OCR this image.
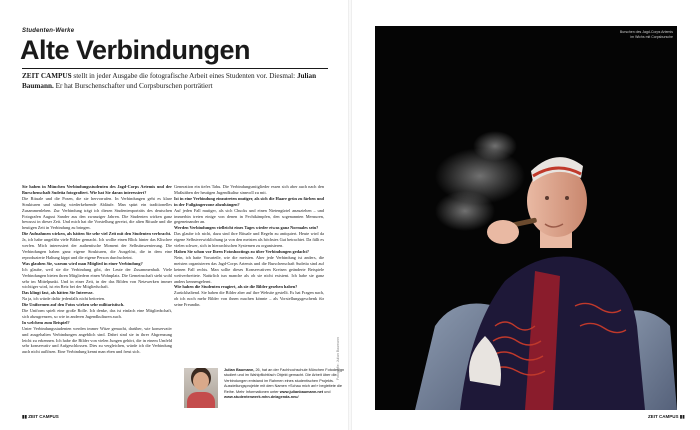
Studenten-Werke
Alte Verbindungen
ZEIT CAMPUS stellt in jeder Ausgabe die fotografische Arbeit eines Studenten vor. Diesmal: Julian Baumann. Er hat Burschenschafter und Corpsburschen porträtiert

Sie haben in München Verbindungsstudenten des Jagd-Corps Artemis und der Burschenschaft Sudetia fotografiert. Wie hat Sie daran interessiert?

Die Rituale und die Posen, die sie hervorrufen. In Verbindungen geht es klare Strukturen und ständig wiederkehrende Abläufe. Man spürt ein traditionelles Zusammenleben. Zur Verbindung trägt ich diesen Studentenporträts des deutschen Fotografen August Sander aus den zwanziger Jahren. Die Studenten wirken ganz bewusst in dieser Zeit. Und mich hat die Vorstellung gereizt, die alten Rituale und die heutigen Zeit in Verbindung zu bringen.

Die Aufnahmen wirken, als hätten Sie sehr viel Zeit mit den Studenten verbracht.

Ja, ich habe ungefähr viele Bilder gemacht. Ich wollte einen Blick hinter das Klischee werfen. Mich interessiert der authentische Moment der Selbstinszenierung. Die Verbindungen haben ganz eigene Strukturen, die Ausgelöst, die in dem eine reproduzierte Haltung kippt und die eigene Person durchscheint.

Was glauben Sie, warum wird man Mitglied in einer Verbindung?

Ich glaube, weil sie die Verbindung gibt, der Leute der Zusammenhalt. Viele Verbindungen bieten ihren Mitgliedern einen Wohnplatz. Die Gemeinschaft steht wohl sehr im Mittelpunkt. Und in einer Zeit, in der das Bilden von Netzwerken immer wichtiger wird, ist ein Reiz bei der Mitgliedschaft.

Das klingt fast, als hätten Sie Interesse.

Na ja, ich würde dafür jedenfalls nicht beitreten.

Die Uniformen auf den Fotos wirken sehr militaristisch.

Die Uniform spielt eine große Rolle. Ich denke, das ist einfach eine Mitgliedschaft, sich abzugrenzen, so wie in anderen Jugendkulturen auch.

In welchem zum Beispiel?

Unter Verbindungsstudenten werden immer Witze gemacht, darüber, wie konservativ und ausgehalten Verbindungen angeblich sind. Dabei sind sie in ihrer Abgrenzung leicht zu erkennen. Ich habe die Bilder von vielen Jungen gehört, die in einem Umfeld sehr konservativ und Aufgeschlossen. Dies zu vergleichen, würde ich die Verbindung auch nicht auflösen. Eine Verbindung kennt man eben und freut sich.

Generation ein tiefes Tabu. Die Verbindungsmitglieder essen sich aber auch nach den Maßstäben der heutigen Jugendkultur sinnvoll zu mit.

Ist in eine Verbindung einzutreten mutiger, als sich die Haare grün zu färben und in der Fußgängerzone abzuhängen?

Auf jeden Fall mutiger, als sich Chucks und einen Nietengürtel anzuziehen – und immerhin treten einige von denen in Fechtkämpfen, den sogenannten Mensuren, gegeneinander an.

Werden Verbindungen vielleicht eines Tages wieder etwas ganz Normales sein?

Das glaube ich nicht, dazu sind ihre Rituale und Regeln zu antiquiert. Heute wird da eigene Selbstverwirklichung ja von den meisten als höchstes Gut betrachtet. Da fällt es vielen schwer, sich in hierarchischen Systemen zu organisieren.

Haben Sie schon vor Ihren Fotoshootings zu über Verbindungen gedacht?

Nein, ich hatte Vorurteile, wie die meisten. Aber jede Verbindung ist anders, die meisten organisieren das Jagd-Corps Artemis und die Burschenschaft Sudetia sind auf keinen Fall rechts. Man sollte dieses Konservativen Kreisen geänderte Beispiele weitverbreitete. Natürlich tun manche als ob sie nicht existent. Ich habe sie ganz anders kennengelernt.

Wie haben die Studenten reagiert, als sie die Bilder gesehen haben?

Zurückhaltend. Sie haben die Bilder aber auf ihre Website gestellt. Es hat Fragen nach, ob ich noch mehr Bilder von ihnen machen könnte – als Vorstellungsgeschenk für seine Freundin.

Fotografie: Julian Baumann
Julian Baumann, 26, hat an der Fachhochschule München Fotodesign studiert und im Wahlpflichtfach Objekt gemacht. Die Arbeit über die Verbindungen entstand im Rahmen eines studentischen Projekts. Ausstellungsprojekte mit dem Namen «Schau mich an!» begleitete die Reihe. Mehr Informationen unter www.julianbaumann.net und www.studentenwerk.mhn.de/agenda-neu/
▮▮ ZEIT CAMPUS	ZEIT CAMPUS ▮▮
Burschen des Jagd-Corps Artemis im Wichs mit Corpsbursche
